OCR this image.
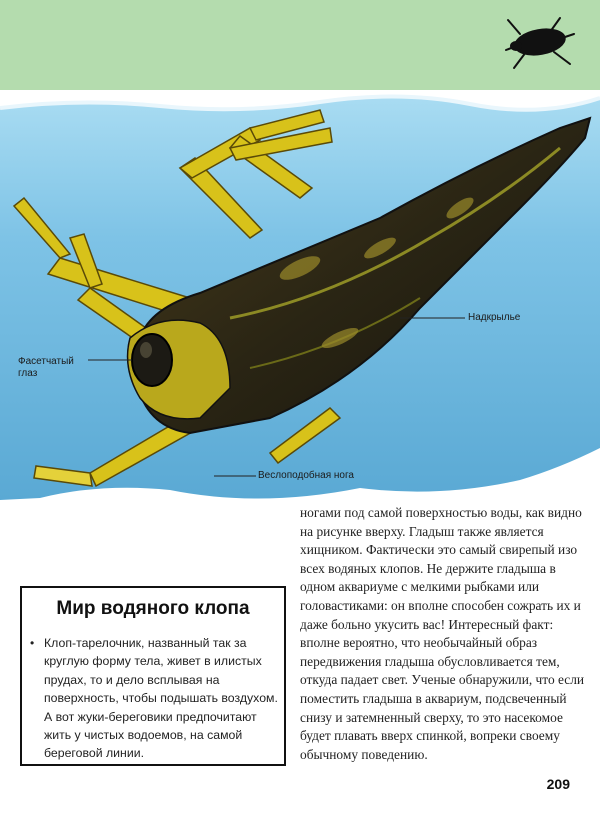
Фасетчатый глаз
Надкрылье
Веслоподобная нога

ногами под самой поверхностью воды, как видно на рисунке вверху. Гладыш также является хищником. Фактически это самый свирепый изо всех водяных клопов. Не держите гладыша в одном аквариуме с мелкими рыбками или головастиками: он вполне способен сожрать их и даже больно укусить вас! Интересный факт: вполне вероятно, что необычайный образ передвижения гладыша обусловливается тем, откуда падает свет. Ученые обнаружили, что если поместить гладыша в аквариум, подсвеченный снизу и затемненный сверху, то это насекомое будет плавать вверх спинкой, вопреки своему обычному поведению.

Мир водяного клопа
• Клоп-тарелочник, названный так за круглую форму тела, живет в илистых прудах, то и дело всплывая на поверхность, чтобы подышать воздухом. А вот жуки-береговики предпочитают жить у чистых водоемов, на самой береговой линии.
209
